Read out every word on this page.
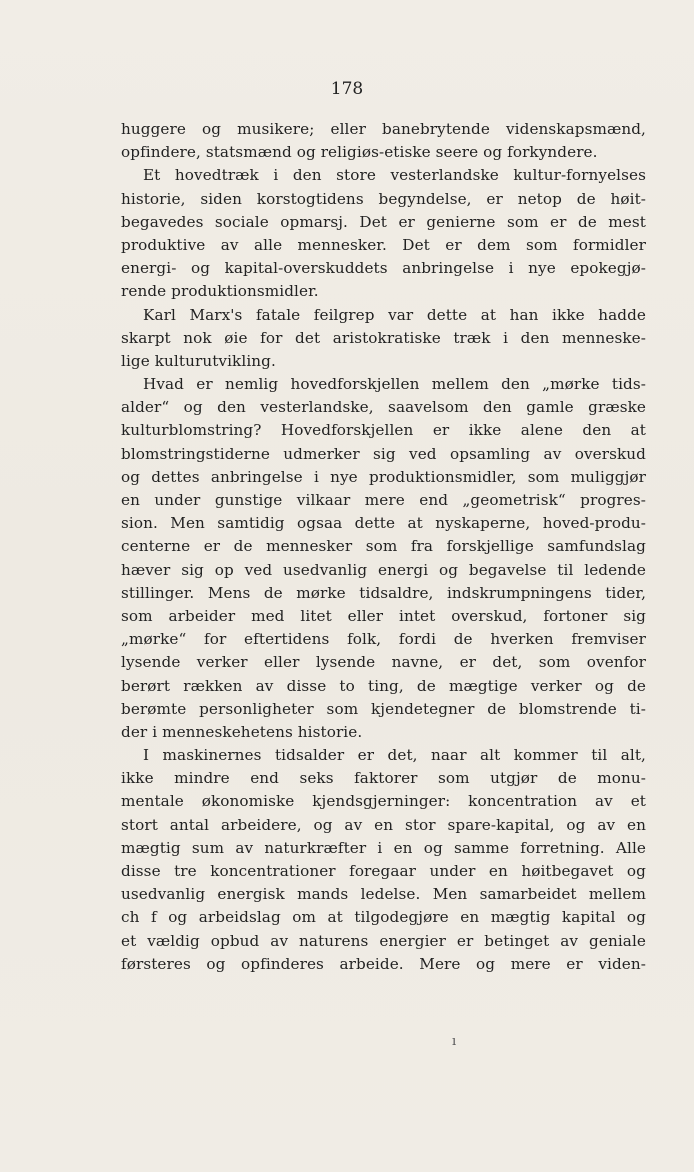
178
huggere og musikere; eller banebrytende videnskapsmænd,
opfindere, statsmænd og religiøs-etiske seere og forkyndere.
Et hovedtræk i den store vesterlandske kultur-fornyelses
historie, siden korstogtidens begyndelse, er netop de høit-
begavedes sociale opmarsj. Det er genierne som er de mest
produktive av alle mennesker. Det er dem som formidler
energi- og kapital-overskuddets anbringelse i nye epokegjø-
rende produktionsmidler.
Karl Marx's fatale feilgrep var dette at han ikke hadde
skarpt nok øie for det aristokratiske træk i den menneske-
lige kulturutvikling.
Hvad er nemlig hovedforskjellen mellem den „mørke tids-
alder“ og den vesterlandske, saavelsom den gamle græske
kulturblomstring? Hovedforskjellen er ikke alene den at
blomstringstiderne udmerker sig ved opsamling av overskud
og dettes anbringelse i nye produktionsmidler, som muliggjør
en under gunstige vilkaar mere end „geometrisk“ progres-
sion. Men samtidig ogsaa dette at nyskaperne, hoved-produ-
centerne er de mennesker som fra forskjellige samfundslag
hæver sig op ved usedvanlig energi og begavelse til ledende
stillinger. Mens de mørke tidsaldre, indskrumpningens tider,
som arbeider med litet eller intet overskud, fortoner sig
„mørke“ for eftertidens folk, fordi de hverken fremviser
lysende verker eller lysende navne, er det, som ovenfor
berørt rækken av disse to ting, de mægtige verker og de
berømte personligheter som kjendetegner de blomstrende ti-
der i menneskehetens historie.
I maskinernes tidsalder er det, naar alt kommer til alt,
ikke mindre end seks faktorer som utgjør de monu-
mentale økonomiske kjendsgjerninger: koncentration av et
stort antal arbeidere, og av en stor spare-kapital, og av en
mægtig sum av naturkræfter i en og samme forretning. Alle
disse tre koncentrationer foregaar under en høitbegavet og
usedvanlig energisk mands ledelse. Men samarbeidet mellem
ch f og arbeidslag om at tilgodegjøre en mægtig kapital og
et vældig opbud av naturens energier er betinget av geniale
førsteres og opfinderes arbeide. Mere og mere er viden-
ı
